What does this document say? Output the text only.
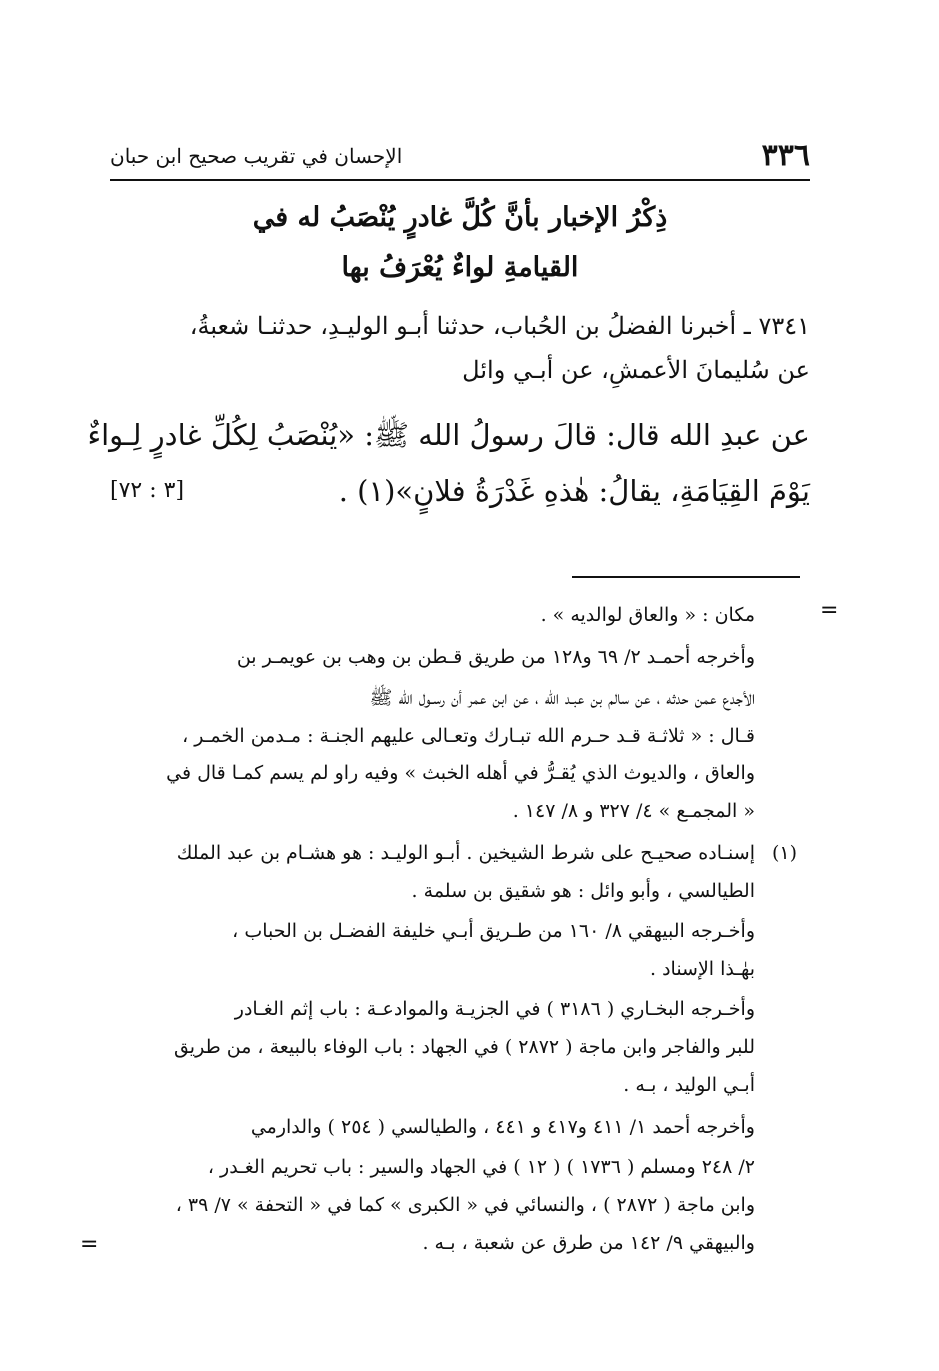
٣٣٦
الإحسان في تقريب صحيح ابن حبان
ذِكْرُ الإخبار بأنَّ كُلَّ غادرٍ يُنْصَبُ له في
القيامةِ لواءٌ يُعْرَفُ بها
٧٣٤١ ـ أخبرنا الفضلُ بن الحُباب، حدثنا أبـو الوليـدِ، حدثنـا شعبةُ،
عن سُليمانَ الأعمشِ، عن أبـي وائل
عن عبدِ الله قال: قالَ رسولُ الله ﷺ: «يُنْصَبُ لِكُلِّ غادرٍ لِـواءٌ
يَوْمَ القِيَامَةِ، يقالُ: هٰذهِ غَدْرَةُ فلانٍ»(١) .
[٣ : ٧٢]
=
مكان : « والعاق لوالديه » .
وأخرجه أحمـد ٢/ ٦٩ و١٢٨ من طريق قـطن بن وهب بن عويمـر بن
الأجدع عمن حدثه ، عن سالم بن عبـد الله ، عن ابن عمر أن رسـول الله ﷺ
قـال : « ثلاثـة قـد حـرم الله تبـارك وتعـالى عليهم الجنـة : مـدمن الخمـر ،
والعاق ، والديوث الذي يُقـرُّ في أهله الخبث » وفيه راو لم يسم كمـا قال في
« المجمـع » ٤/ ٣٢٧ و ٨/ ١٤٧ .
(١)
إسنـاده صحيـح على شرط الشيخين . أبـو الوليـد : هو هشـام بن عبد الملك
الطيالسي ، وأبو وائل : هو شقيق بن سلمة .
وأخـرجه البيهقي ٨/ ١٦٠ من طـريق أبـي خليفة الفضـل بن الحباب ،
بهٰـذا الإسناد .
وأخـرجه البخـاري ( ٣١٨٦ ) في الجزيـة والموادعـة : باب إثم الغـادر
للبر والفاجر وابن ماجة ( ٢٨٧٢ ) في الجهاد : باب الوفاء بالبيعة ، من طريق
أبـي الوليد ، بـه .
وأخرجه أحمد ١/ ٤١١ و٤١٧ و ٤٤١ ، والطيالسي ( ٢٥٤ ) والدارمي
٢/ ٢٤٨ ومسلم ( ١٧٣٦ ) ( ١٢ ) في الجهاد والسير : باب تحريم الغـدر ،
وابن ماجة ( ٢٨٧٢ ) ، والنسائي في « الكبرى » كما في « التحفة » ٧/ ٣٩ ،
والبيهقي ٩/ ١٤٢ من طرق عن شعبة ، بـه .
=
